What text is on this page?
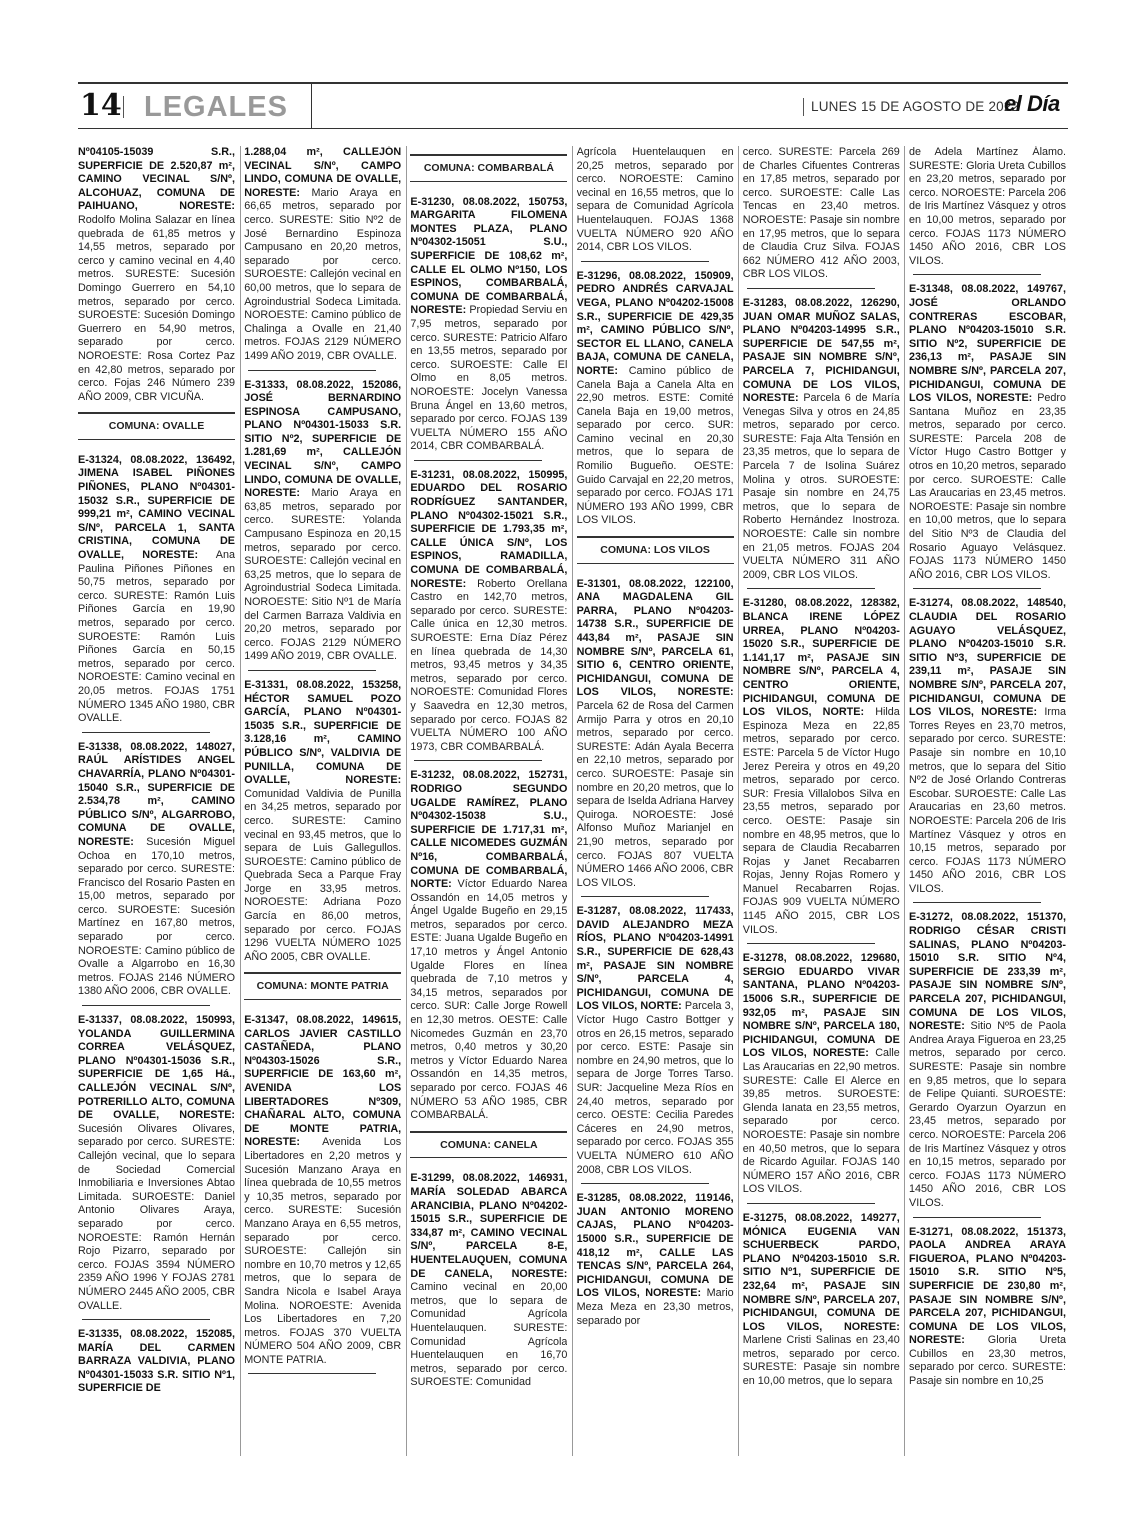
14 LEGALES	LUNES 15 DE AGOSTO DE 2022
el Día
Nº04105-15039 S.R., SUPERFICIE DE 2.520,87 m², CAMINO VECINAL S/Nº, ALCOHUAZ, COMUNA DE PAIHUANO, NORESTE: Rodolfo Molina Salazar en línea quebrada de 61,85 metros y 14,55 metros, separado por cerco y camino vecinal en 4,40 metros. SURESTE: Sucesión Domingo Guerrero en 54,10 metros, separado por cerco. SUROESTE: Sucesión Domingo Guerrero en 54,90 metros, separado por cerco. NOROESTE: Rosa Cortez Paz en 42,80 metros, separado por cerco. Fojas 246 Número 239 AÑO 2009, CBR VICUÑA.
COMUNA: OVALLE
E-31324, 08.08.2022, 136492, JIMENA ISABEL PIÑONES PIÑONES, PLANO Nº04301-15032 S.R., SUPERFICIE DE 999,21 m², CAMINO VECINAL S/Nº, PARCELA 1, SANTA CRISTINA, COMUNA DE OVALLE, NORESTE: Ana Paulina Piñones Piñones en 50,75 metros, separado por cerco. SURESTE: Ramón Luis Piñones García en 19,90 metros, separado por cerco. SUROESTE: Ramón Luis Piñones García en 50,15 metros, separado por cerco. NOROESTE: Camino vecinal en 20,05 metros. FOJAS 1751 NÚMERO 1345 AÑO 1980, CBR OVALLE.
E-31338, 08.08.2022, 148027, RAÚL ARÍSTIDES ANGEL CHAVARRÍA, PLANO Nº04301-15040 S.R., SUPERFICIE DE 2.534,78 m², CAMINO PÚBLICO S/Nº, ALGARROBO, COMUNA DE OVALLE, NORESTE: Sucesión Miguel Ochoa en 170,10 metros, separado por cerco. SURESTE: Francisco del Rosario Pasten en 15,00 metros, separado por cerco. SUROESTE: Sucesión Martínez en 167,80 metros, separado por cerco. NOROESTE: Camino público de Ovalle a Algarrobo en 16,30 metros. FOJAS 2146 NÚMERO 1380 AÑO 2006, CBR OVALLE.
E-31337, 08.08.2022, 150993, YOLANDA GUILLERMINA CORREA VELÁSQUEZ, PLANO Nº04301-15036 S.R., SUPERFICIE DE 1,65 Há., CALLEJÓN VECINAL S/Nº, POTRERILLO ALTO, COMUNA DE OVALLE, NORESTE: Sucesión Olivares Olivares, separado por cerco. SURESTE: Callejón vecinal, que lo separa de Sociedad Comercial Inmobiliaria e Inversiones Abtao Limitada. SUROESTE: Daniel Antonio Olivares Araya, separado por cerco. NOROESTE: Ramón Hernán Rojo Pizarro, separado por cerco. FOJAS 3594 NÚMERO 2359 AÑO 1996 Y FOJAS 2781 NÚMERO 2445 AÑO 2005, CBR OVALLE.
E-31335, 08.08.2022, 152085, MARÍA DEL CARMEN BARRAZA VALDIVIA, PLANO Nº04301-15033 S.R. SITIO Nº1, SUPERFICIE DE
1.288,04 m², CALLEJÓN VECINAL S/Nº, CAMPO LINDO, COMUNA DE OVALLE, NORESTE: Mario Araya en 66,65 metros, separado por cerco. SURESTE: Sitio Nº2 de José Bernardino Espinoza Campusano en 20,20 metros, separado por cerco. SUROESTE: Callejón vecinal en 60,00 metros, que lo separa de Agroindustrial Sodeca Limitada. NOROESTE: Camino público de Chalinga a Ovalle en 21,40 metros. FOJAS 2129 NÚMERO 1499 AÑO 2019, CBR OVALLE.
E-31333, 08.08.2022, 152086, JOSÉ BERNARDINO ESPINOSA CAMPUSANO, PLANO Nº04301-15033 S.R. SITIO Nº2, SUPERFICIE DE 1.281,69 m², CALLEJÓN VECINAL S/Nº, CAMPO LINDO, COMUNA DE OVALLE, NORESTE: Mario Araya en 63,85 metros, separado por cerco. SURESTE: Yolanda Campusano Espinoza en 20,15 metros, separado por cerco. SUROESTE: Callejón vecinal en 63,25 metros, que lo separa de Agroindustrial Sodeca Limitada. NOROESTE: Sitio Nº1 de María del Carmen Barraza Valdivia en 20,20 metros, separado por cerco. FOJAS 2129 NÚMERO 1499 AÑO 2019, CBR OVALLE.
E-31331, 08.08.2022, 153258, HÉCTOR SAMUEL POZO GARCÍA, PLANO Nº04301-15035 S.R., SUPERFICIE DE 3.128,16 m², CAMINO PÚBLICO S/Nº, VALDIVIA DE PUNILLA, COMUNA DE OVALLE, NORESTE: Comunidad Valdivia de Punilla en 34,25 metros, separado por cerco. SURESTE: Camino vecinal en 93,45 metros, que lo separa de Luis Gallegullos. SUROESTE: Camino público de Quebrada Seca a Parque Fray Jorge en 33,95 metros. NOROESTE: Adriana Pozo García en 86,00 metros, separado por cerco. FOJAS 1296 VUELTA NÚMERO 1025 AÑO 2005, CBR OVALLE.
COMUNA: MONTE PATRIA
E-31347, 08.08.2022, 149615, CARLOS JAVIER CASTILLO CASTAÑEDA, PLANO Nº04303-15026 S.R., SUPERFICIE DE 163,60 m², AVENIDA LOS LIBERTADORES Nº309, CHAÑARAL ALTO, COMUNA DE MONTE PATRIA, NORESTE: Avenida Los Libertadores en 2,20 metros y Sucesión Manzano Araya en línea quebrada de 10,55 metros y 10,35 metros, separado por cerco. SURESTE: Sucesión Manzano Araya en 6,55 metros, separado por cerco. SUROESTE: Callejón sin nombre en 10,70 metros y 12,65 metros, que lo separa de Sandra Nicola e Isabel Araya Molina. NOROESTE: Avenida Los Libertadores en 7,20 metros. FOJAS 370 VUELTA NÚMERO 504 AÑO 2009, CBR MONTE PATRIA.
COMUNA: COMBARBALÁ
E-31230, 08.08.2022, 150753, MARGARITA FILOMENA MONTES PLAZA, PLANO Nº04302-15051 S.U., SUPERFICIE DE 108,62 m², CALLE EL OLMO Nº150, LOS ESPINOS, COMBARBALÁ, COMUNA DE COMBARBALÁ, NORESTE: Propiedad Serviu en 7,95 metros, separado por cerco. SURESTE: Patricio Alfaro en 13,55 metros, separado por cerco. SUROESTE: Calle El Olmo en 8,05 metros. NOROESTE: Jocelyn Vanessa Bruna Ángel en 13,60 metros, separado por cerco. FOJAS 139 VUELTA NÚMERO 155 AÑO 2014, CBR COMBARBALÁ.
E-31231, 08.08.2022, 150995, EDUARDO DEL ROSARIO RODRÍGUEZ SANTANDER, PLANO Nº04302-15021 S.R., SUPERFICIE DE 1.793,35 m², CALLE ÚNICA S/Nº, LOS ESPINOS, RAMADILLA, COMUNA DE COMBARBALÁ, NORESTE: Roberto Orellana Castro en 142,70 metros, separado por cerco. SURESTE: Calle única en 12,30 metros. SUROESTE: Erna Díaz Pérez en línea quebrada de 14,30 metros, 93,45 metros y 34,35 metros, separado por cerco. NOROESTE: Comunidad Flores y Saavedra en 12,30 metros, separado por cerco. FOJAS 82 VUELTA NÚMERO 100 AÑO 1973, CBR COMBARBALÁ.
E-31232, 08.08.2022, 152731, RODRIGO SEGUNDO UGALDE RAMÍREZ, PLANO Nº04302-15038 S.U., SUPERFICIE DE 1.717,31 m², CALLE NICOMEDES GUZMÁN Nº16, COMBARBALÁ, COMUNA DE COMBARBALÁ, NORTE: Víctor Eduardo Narea Ossandón en 14,05 metros y Ángel Ugalde Bugeño en 29,15 metros, separados por cerco. ESTE: Juana Ugalde Bugeño en 17,10 metros y Ángel Antonio Ugalde Flores en línea quebrada de 7,10 metros y 34,15 metros, separados por cerco. SUR: Calle Jorge Rowell en 12,30 metros. OESTE: Calle Nicomedes Guzmán en 23,70 metros, 0,40 metros y 30,20 metros y Víctor Eduardo Narea Ossandón en 14,35 metros, separado por cerco. FOJAS 46 NÚMERO 53 AÑO 1985, CBR COMBARBALÁ.
COMUNA: CANELA
E-31299, 08.08.2022, 146931, MARÍA SOLEDAD ABARCA ARANCIBIA, PLANO Nº04202-15015 S.R., SUPERFICIE DE 334,87 m², CAMINO VECINAL S/Nº, PARCELA 8-E, HUENTELAUQUEN, COMUNA DE CANELA, NORESTE: Camino vecinal en 20,00 metros, que lo separa de Comunidad Agrícola Huentelauquen. SURESTE: Comunidad Agrícola Huentelauquen en 16,70 metros, separado por cerco. SUROESTE: Comunidad
Agrícola Huentelauquen en 20,25 metros, separado por cerco. NOROESTE: Camino vecinal en 16,55 metros, que lo separa de Comunidad Agrícola Huentelauquen. FOJAS 1368 VUELTA NÚMERO 920 AÑO 2014, CBR LOS VILOS.
E-31296, 08.08.2022, 150909, PEDRO ANDRÉS CARVAJAL VEGA, PLANO Nº04202-15008 S.R., SUPERFICIE DE 429,35 m², CAMINO PÚBLICO S/Nº, SECTOR EL LLANO, CANELA BAJA, COMUNA DE CANELA, NORTE: Camino público de Canela Baja a Canela Alta en 22,90 metros. ESTE: Comité Canela Baja en 19,00 metros, separado por cerco. SUR: Camino vecinal en 20,30 metros, que lo separa de Romilio Bugueño. OESTE: Guido Carvajal en 22,20 metros, separado por cerco. FOJAS 171 NÚMERO 193 AÑO 1999, CBR LOS VILOS.
COMUNA: LOS VILOS
E-31301, 08.08.2022, 122100, ANA MAGDALENA GIL PARRA, PLANO Nº04203-14738 S.R., SUPERFICIE DE 443,84 m², PASAJE SIN NOMBRE S/Nº, PARCELA 61, SITIO 6, CENTRO ORIENTE, PICHIDANGUI, COMUNA DE LOS VILOS, NORESTE: Parcela 62 de Rosa del Carmen Armijo Parra y otros en 20,10 metros, separado por cerco. SURESTE: Adán Ayala Becerra en 22,10 metros, separado por cerco. SUROESTE: Pasaje sin nombre en 20,20 metros, que lo separa de Iselda Adriana Harvey Quiroga. NOROESTE: José Alfonso Muñoz Marianjel en 21,90 metros, separado por cerco. FOJAS 807 VUELTA NÚMERO 1466 AÑO 2006, CBR LOS VILOS.
E-31287, 08.08.2022, 117433, DAVID ALEJANDRO MEZA RÍOS, PLANO Nº04203-14991 S.R., SUPERFICIE DE 628,43 m², PASAJE SIN NOMBRE S/Nº, PARCELA 4, PICHIDANGUI, COMUNA DE LOS VILOS, NORTE: Parcela 3, Víctor Hugo Castro Bottger y otros en 26,15 metros, separado por cerco. ESTE: Pasaje sin nombre en 24,90 metros, que lo separa de Jorge Torres Tarso. SUR: Jacqueline Meza Ríos en 24,40 metros, separado por cerco. OESTE: Cecilia Paredes Cáceres en 24,90 metros, separado por cerco. FOJAS 355 VUELTA NÚMERO 610 AÑO 2008, CBR LOS VILOS.
E-31285, 08.08.2022, 119146, JUAN ANTONIO MORENO CAJAS, PLANO Nº04203-15000 S.R., SUPERFICIE DE 418,12 m², CALLE LAS TENCAS S/Nº, PARCELA 264, PICHIDANGUI, COMUNA DE LOS VILOS, NORESTE: Mario Meza Meza en 23,30 metros, separado por
cerco. SURESTE: Parcela 269 de Charles Cifuentes Contreras en 17,85 metros, separado por cerco. SUROESTE: Calle Las Tencas en 23,40 metros. NOROESTE: Pasaje sin nombre en 17,95 metros, que lo separa de Claudia Cruz Silva. FOJAS 662 NÚMERO 412 AÑO 2003, CBR LOS VILOS.
E-31283, 08.08.2022, 126290, JUAN OMAR MUÑOZ SALAS, PLANO Nº04203-14995 S.R., SUPERFICIE DE 547,55 m², PASAJE SIN NOMBRE S/Nº, PARCELA 7, PICHIDANGUI, COMUNA DE LOS VILOS, NORESTE: Parcela 6 de María Venegas Silva y otros en 24,85 metros, separado por cerco. SURESTE: Faja Alta Tensión en 23,35 metros, que lo separa de Parcela 7 de Isolina Suárez Molina y otros. SUROESTE: Pasaje sin nombre en 24,75 metros, que lo separa de Roberto Hernández Inostroza. NOROESTE: Calle sin nombre en 21,05 metros. FOJAS 204 VUELTA NÚMERO 311 AÑO 2009, CBR LOS VILOS.
E-31280, 08.08.2022, 128382, BLANCA IRENE LÓPEZ URREA, PLANO Nº04203-15020 S.R., SUPERFICIE DE 1.141,17 m², PASAJE SIN NOMBRE S/Nº, PARCELA 4, CENTRO ORIENTE, PICHIDANGUI, COMUNA DE LOS VILOS, NORTE: Hilda Espinoza Meza en 22,85 metros, separado por cerco. ESTE: Parcela 5 de Víctor Hugo Jerez Pereira y otros en 49,20 metros, separado por cerco. SUR: Fresia Villalobos Silva en 23,55 metros, separado por cerco. OESTE: Pasaje sin nombre en 48,95 metros, que lo separa de Claudia Recabarren Rojas y Janet Recabarren Rojas, Jenny Rojas Romero y Manuel Recabarren Rojas. FOJAS 909 VUELTA NÚMERO 1145 AÑO 2015, CBR LOS VILOS.
E-31278, 08.08.2022, 129680, SERGIO EDUARDO VIVAR SANTANA, PLANO Nº04203-15006 S.R., SUPERFICIE DE 932,05 m², PASAJE SIN NOMBRE S/Nº, PARCELA 180, PICHIDANGUI, COMUNA DE LOS VILOS, NORESTE: Calle Las Araucarias en 22,90 metros. SURESTE: Calle El Alerce en 39,85 metros. SUROESTE: Glenda Ianata en 23,55 metros, separado por cerco. NOROESTE: Pasaje sin nombre en 40,50 metros, que lo separa de Ricardo Aguilar. FOJAS 140 NÚMERO 157 AÑO 2016, CBR LOS VILOS.
E-31275, 08.08.2022, 149277, MÓNICA EUGENIA VAN SCHUERBECK PARDO, PLANO Nº04203-15010 S.R. SITIO Nº1, SUPERFICIE DE 232,64 m², PASAJE SIN NOMBRE S/Nº, PARCELA 207, PICHIDANGUI, COMUNA DE LOS VILOS, NORESTE: Marlene Cristi Salinas en 23,40 metros, separado por cerco. SURESTE: Pasaje sin nombre en 10,00 metros, que lo separa
de Adela Martínez Álamo. SURESTE: Gloria Ureta Cubillos en 23,20 metros, separado por cerco. NOROESTE: Parcela 206 de Iris Martínez Vásquez y otros en 10,00 metros, separado por cerco. FOJAS 1173 NÚMERO 1450 AÑO 2016, CBR LOS VILOS.
E-31348, 08.08.2022, 149767, JOSÉ ORLANDO CONTRERAS ESCOBAR, PLANO Nº04203-15010 S.R. SITIO Nº2, SUPERFICIE DE 236,13 m², PASAJE SIN NOMBRE S/Nº, PARCELA 207, PICHIDANGUI, COMUNA DE LOS VILOS, NORESTE: Pedro Santana Muñoz en 23,35 metros, separado por cerco. SURESTE: Parcela 208 de Víctor Hugo Castro Bottger y otros en 10,20 metros, separado por cerco. SUROESTE: Calle Las Araucarias en 23,45 metros. NOROESTE: Pasaje sin nombre en 10,00 metros, que lo separa del Sitio Nº3 de Claudia del Rosario Aguayo Velásquez. FOJAS 1173 NÚMERO 1450 AÑO 2016, CBR LOS VILOS.
E-31274, 08.08.2022, 148540, CLAUDIA DEL ROSARIO AGUAYO VELÁSQUEZ, PLANO Nº04203-15010 S.R. SITIO Nº3, SUPERFICIE DE 239,11 m², PASAJE SIN NOMBRE S/Nº, PARCELA 207, PICHIDANGUI, COMUNA DE LOS VILOS, NORESTE: Irma Torres Reyes en 23,70 metros, separado por cerco. SURESTE: Pasaje sin nombre en 10,10 metros, que lo separa del Sitio Nº2 de José Orlando Contreras Escobar. SUROESTE: Calle Las Araucarias en 23,60 metros. NOROESTE: Parcela 206 de Iris Martínez Vásquez y otros en 10,15 metros, separado por cerco. FOJAS 1173 NÚMERO 1450 AÑO 2016, CBR LOS VILOS.
E-31272, 08.08.2022, 151370, RODRIGO CÉSAR CRISTI SALINAS, PLANO Nº04203-15010 S.R. SITIO Nº4, SUPERFICIE DE 233,39 m², PASAJE SIN NOMBRE S/Nº, PARCELA 207, PICHIDANGUI, COMUNA DE LOS VILOS, NORESTE: Sitio Nº5 de Paola Andrea Araya Figueroa en 23,25 metros, separado por cerco. SURESTE: Pasaje sin nombre en 9,85 metros, que lo separa de Felipe Quianti. SUROESTE: Gerardo Oyarzun Oyarzun en 23,45 metros, separado por cerco. NOROESTE: Parcela 206 de Iris Martínez Vásquez y otros en 10,15 metros, separado por cerco. FOJAS 1173 NÚMERO 1450 AÑO 2016, CBR LOS VILOS.
E-31271, 08.08.2022, 151373, PAOLA ANDREA ARAYA FIGUEROA, PLANO Nº04203-15010 S.R. SITIO Nº5, SUPERFICIE DE 230,80 m², PASAJE SIN NOMBRE S/Nº, PARCELA 207, PICHIDANGUI, COMUNA DE LOS VILOS, NORESTE: Gloria Ureta Cubillos en 23,30 metros, separado por cerco. SURESTE: Pasaje sin nombre en 10,25
